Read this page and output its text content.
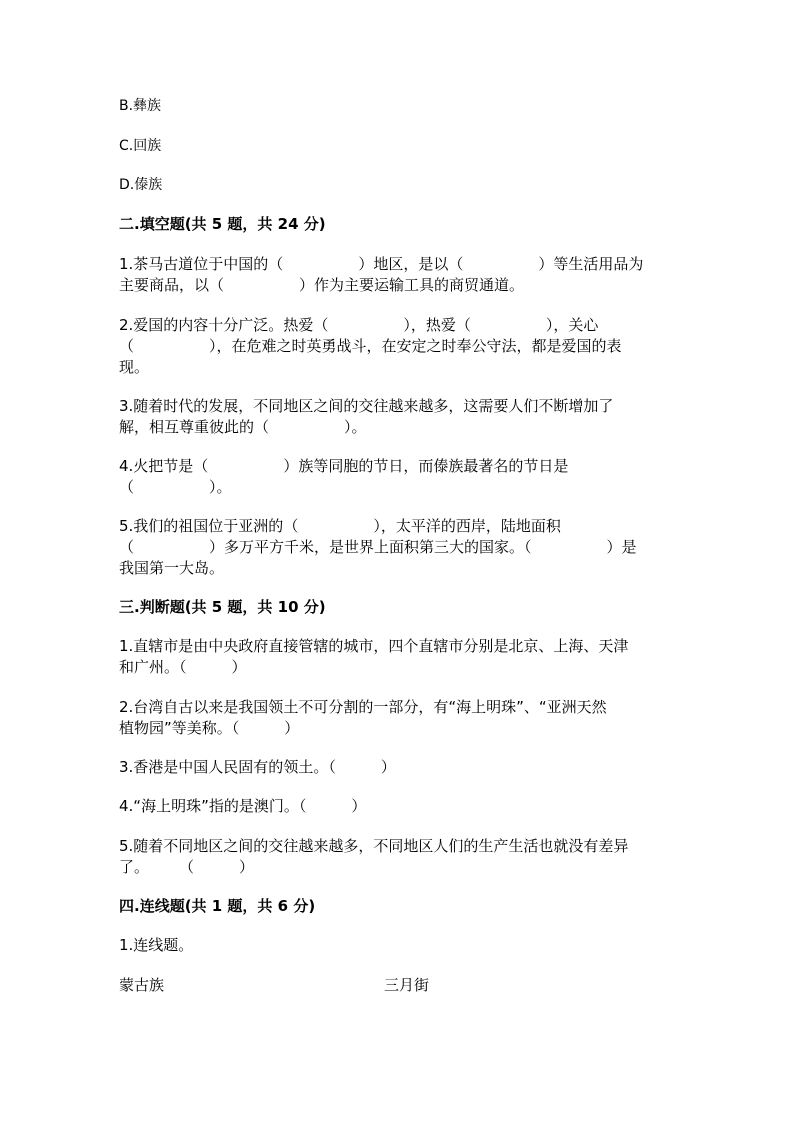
B.彝族
C.回族
D.傣族
二.填空题(共 5 题，共 24 分)
1.茶马古道位于中国的（　　　　　）地区，是以（　　　　　）等生活用品为
主要商品，以（　　　　　）作为主要运输工具的商贸通道。
2.爱国的内容十分广泛。热爱（　　　　　），热爱（　　　　　），关心
（　　　　　），在危难之时英勇战斗，在安定之时奉公守法，都是爱国的表
现。
3.随着时代的发展，不同地区之间的交往越来越多，这需要人们不断增加了
解，相互尊重彼此的（　　　　　）。
4.火把节是（　　　　　）族等同胞的节日，而傣族最著名的节日是
（　　　　　）。
5.我们的祖国位于亚洲的（　　　　　），太平洋的西岸，陆地面积
（　　　　　）多万平方千米，是世界上面积第三大的国家。（　　　　　）是
我国第一大岛。
三.判断题(共 5 题，共 10 分)
1.直辖市是由中央政府直接管辖的城市，四个直辖市分别是北京、上海、天津
和广州。（　　　）
2.台湾自古以来是我国领土不可分割的一部分，有“海上明珠”、“亚洲天然
植物园”等美称。（　　　）
3.香港是中国人民固有的领土。（　　　）
4.“海上明珠”指的是澳门。（　　　）
5.随着不同地区之间的交往越来越多，不同地区人们的生产生活也就没有差异
了。　　　（　　　）
四.连线题(共 1 题，共 6 分)
1.连线题。
蒙古族	三月街
